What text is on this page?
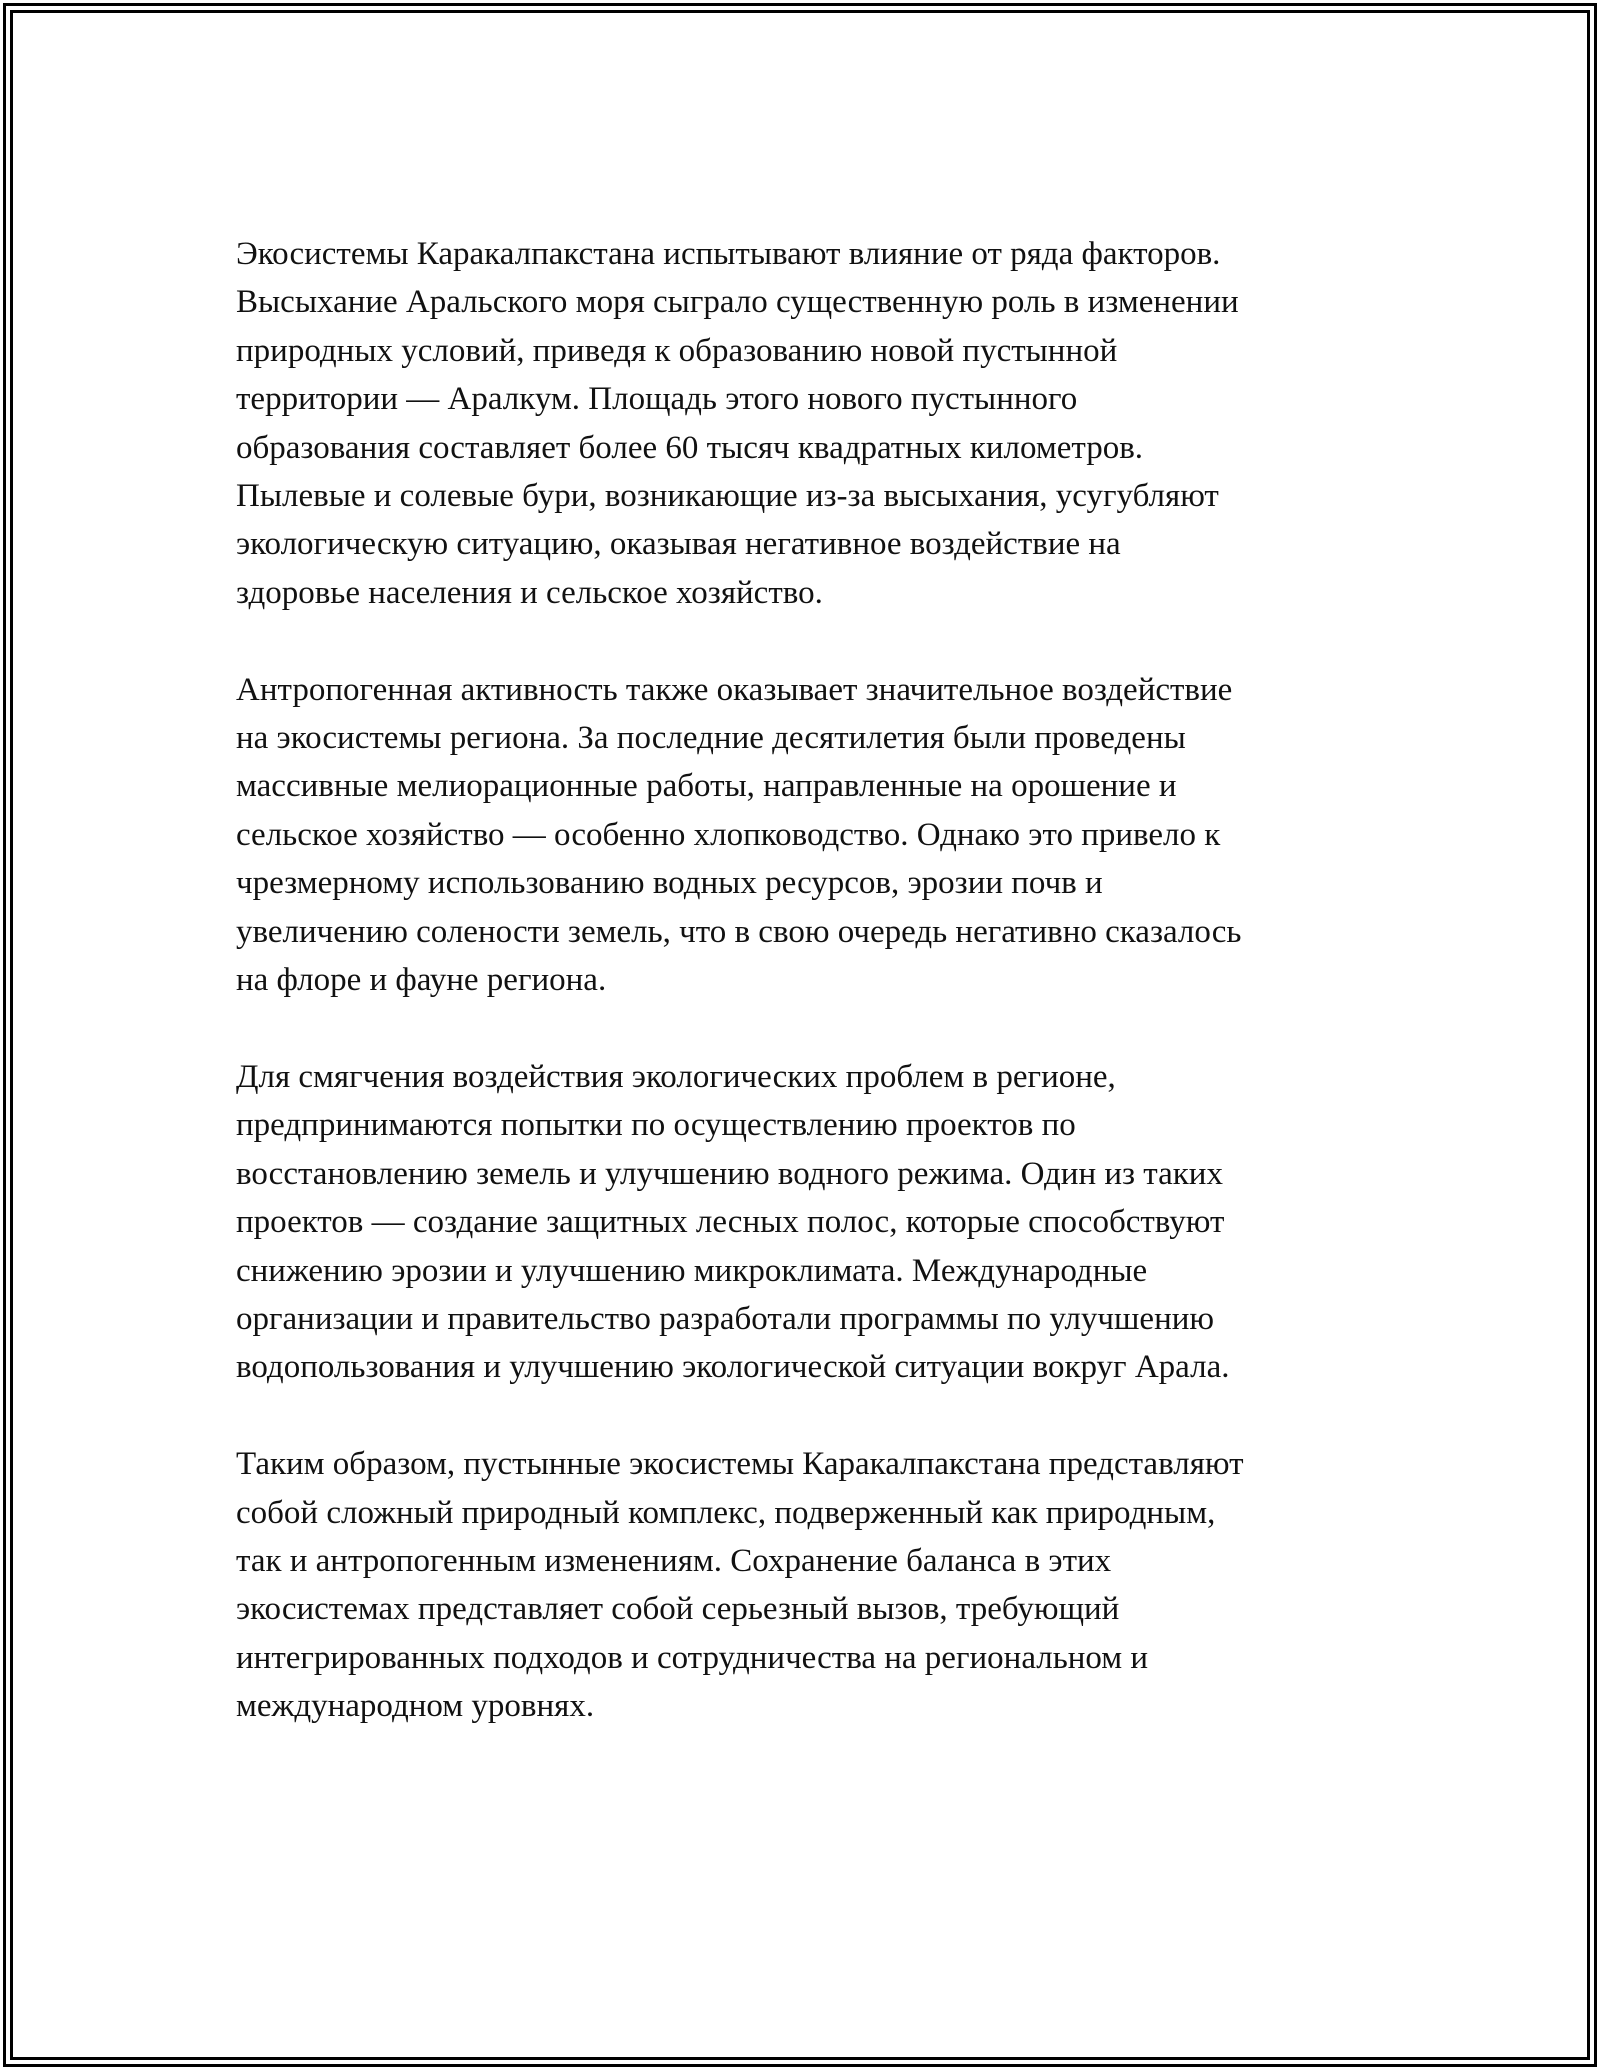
Экосистемы Каракалпакстана испытывают влияние от ряда факторов.
Высыхание Аральского моря сыграло существенную роль в изменении
природных условий, приведя к образованию новой пустынной
территории — Аралкум. Площадь этого нового пустынного
образования составляет более 60 тысяч квадратных километров.
Пылевые и солевые бури, возникающие из-за высыхания, усугубляют
экологическую ситуацию, оказывая негативное воздействие на
здоровье населения и сельское хозяйство.

Антропогенная активность также оказывает значительное воздействие
на экосистемы региона. За последние десятилетия были проведены
массивные мелиорационные работы, направленные на орошение и
сельское хозяйство — особенно хлопководство. Однако это привело к
чрезмерному использованию водных ресурсов, эрозии почв и
увеличению солености земель, что в свою очередь негативно сказалось
на флоре и фауне региона.

Для смягчения воздействия экологических проблем в регионе,
предпринимаются попытки по осуществлению проектов по
восстановлению земель и улучшению водного режима. Один из таких
проектов — создание защитных лесных полос, которые способствуют
снижению эрозии и улучшению микроклимата. Международные
организации и правительство разработали программы по улучшению
водопользования и улучшению экологической ситуации вокруг Арала.

Таким образом, пустынные экосистемы Каракалпакстана представляют
собой сложный природный комплекс, подверженный как природным,
так и антропогенным изменениям. Сохранение баланса в этих
экосистемах представляет собой серьезный вызов, требующий
интегрированных подходов и сотрудничества на региональном и
международном уровнях.
